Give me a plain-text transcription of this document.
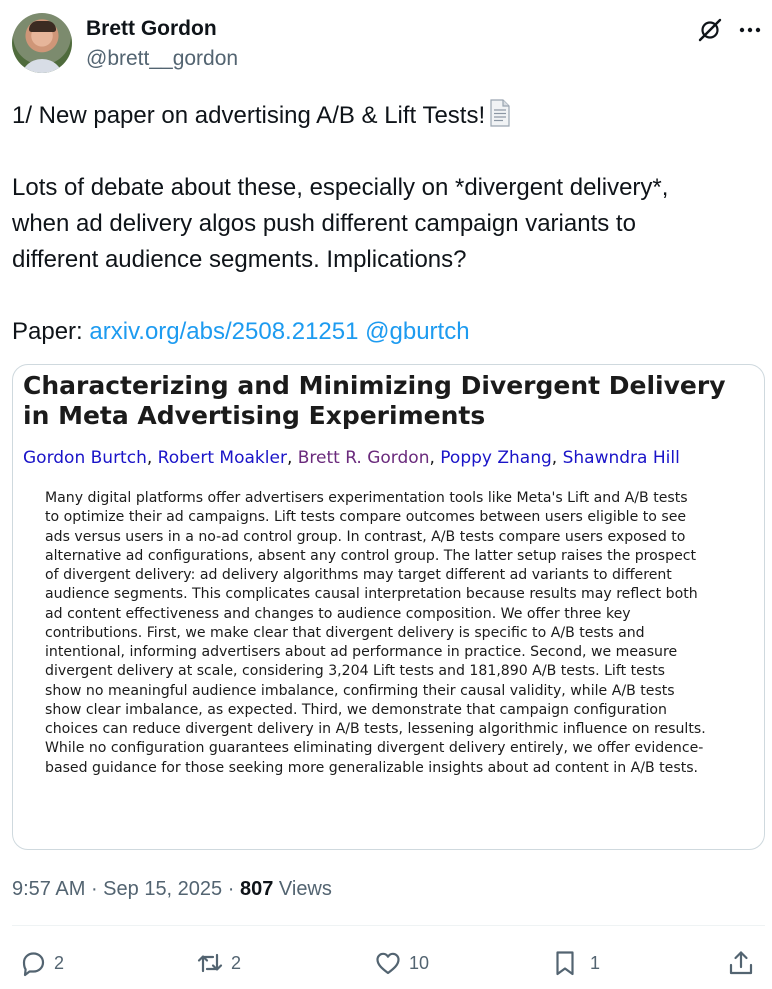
Brett Gordon
@brett__gordon

1/ New paper on advertising A/B & Lift Tests!

Lots of debate about these, especially on *divergent delivery*,

when ad delivery algos push different campaign variants to

different audience segments. Implications?

Paper: arxiv.org/abs/2508.21251 @gburtch

Characterizing and Minimizing Divergent Delivery in Meta Advertising Experiments
Gordon Burtch, Robert Moakler, Brett R. Gordon, Poppy Zhang, Shawndra Hill
Many digital platforms offer advertisers experimentation tools like Meta's Lift and A/B tests
to optimize their ad campaigns. Lift tests compare outcomes between users eligible to see
ads versus users in a no-ad control group. In contrast, A/B tests compare users exposed to
alternative ad configurations, absent any control group. The latter setup raises the prospect
of divergent delivery: ad delivery algorithms may target different ad variants to different
audience segments. This complicates causal interpretation because results may reflect both
ad content effectiveness and changes to audience composition. We offer three key
contributions. First, we make clear that divergent delivery is specific to A/B tests and
intentional, informing advertisers about ad performance in practice. Second, we measure
divergent delivery at scale, considering 3,204 Lift tests and 181,890 A/B tests. Lift tests
show no meaningful audience imbalance, confirming their causal validity, while A/B tests
show clear imbalance, as expected. Third, we demonstrate that campaign configuration
choices can reduce divergent delivery in A/B tests, lessening algorithmic influence on results.
While no configuration guarantees eliminating divergent delivery entirely, we offer evidence-
based guidance for those seeking more generalizable insights about ad content in A/B tests.
9:57 AM · Sep 15, 2025 · 807 Views
2	2	10	1
